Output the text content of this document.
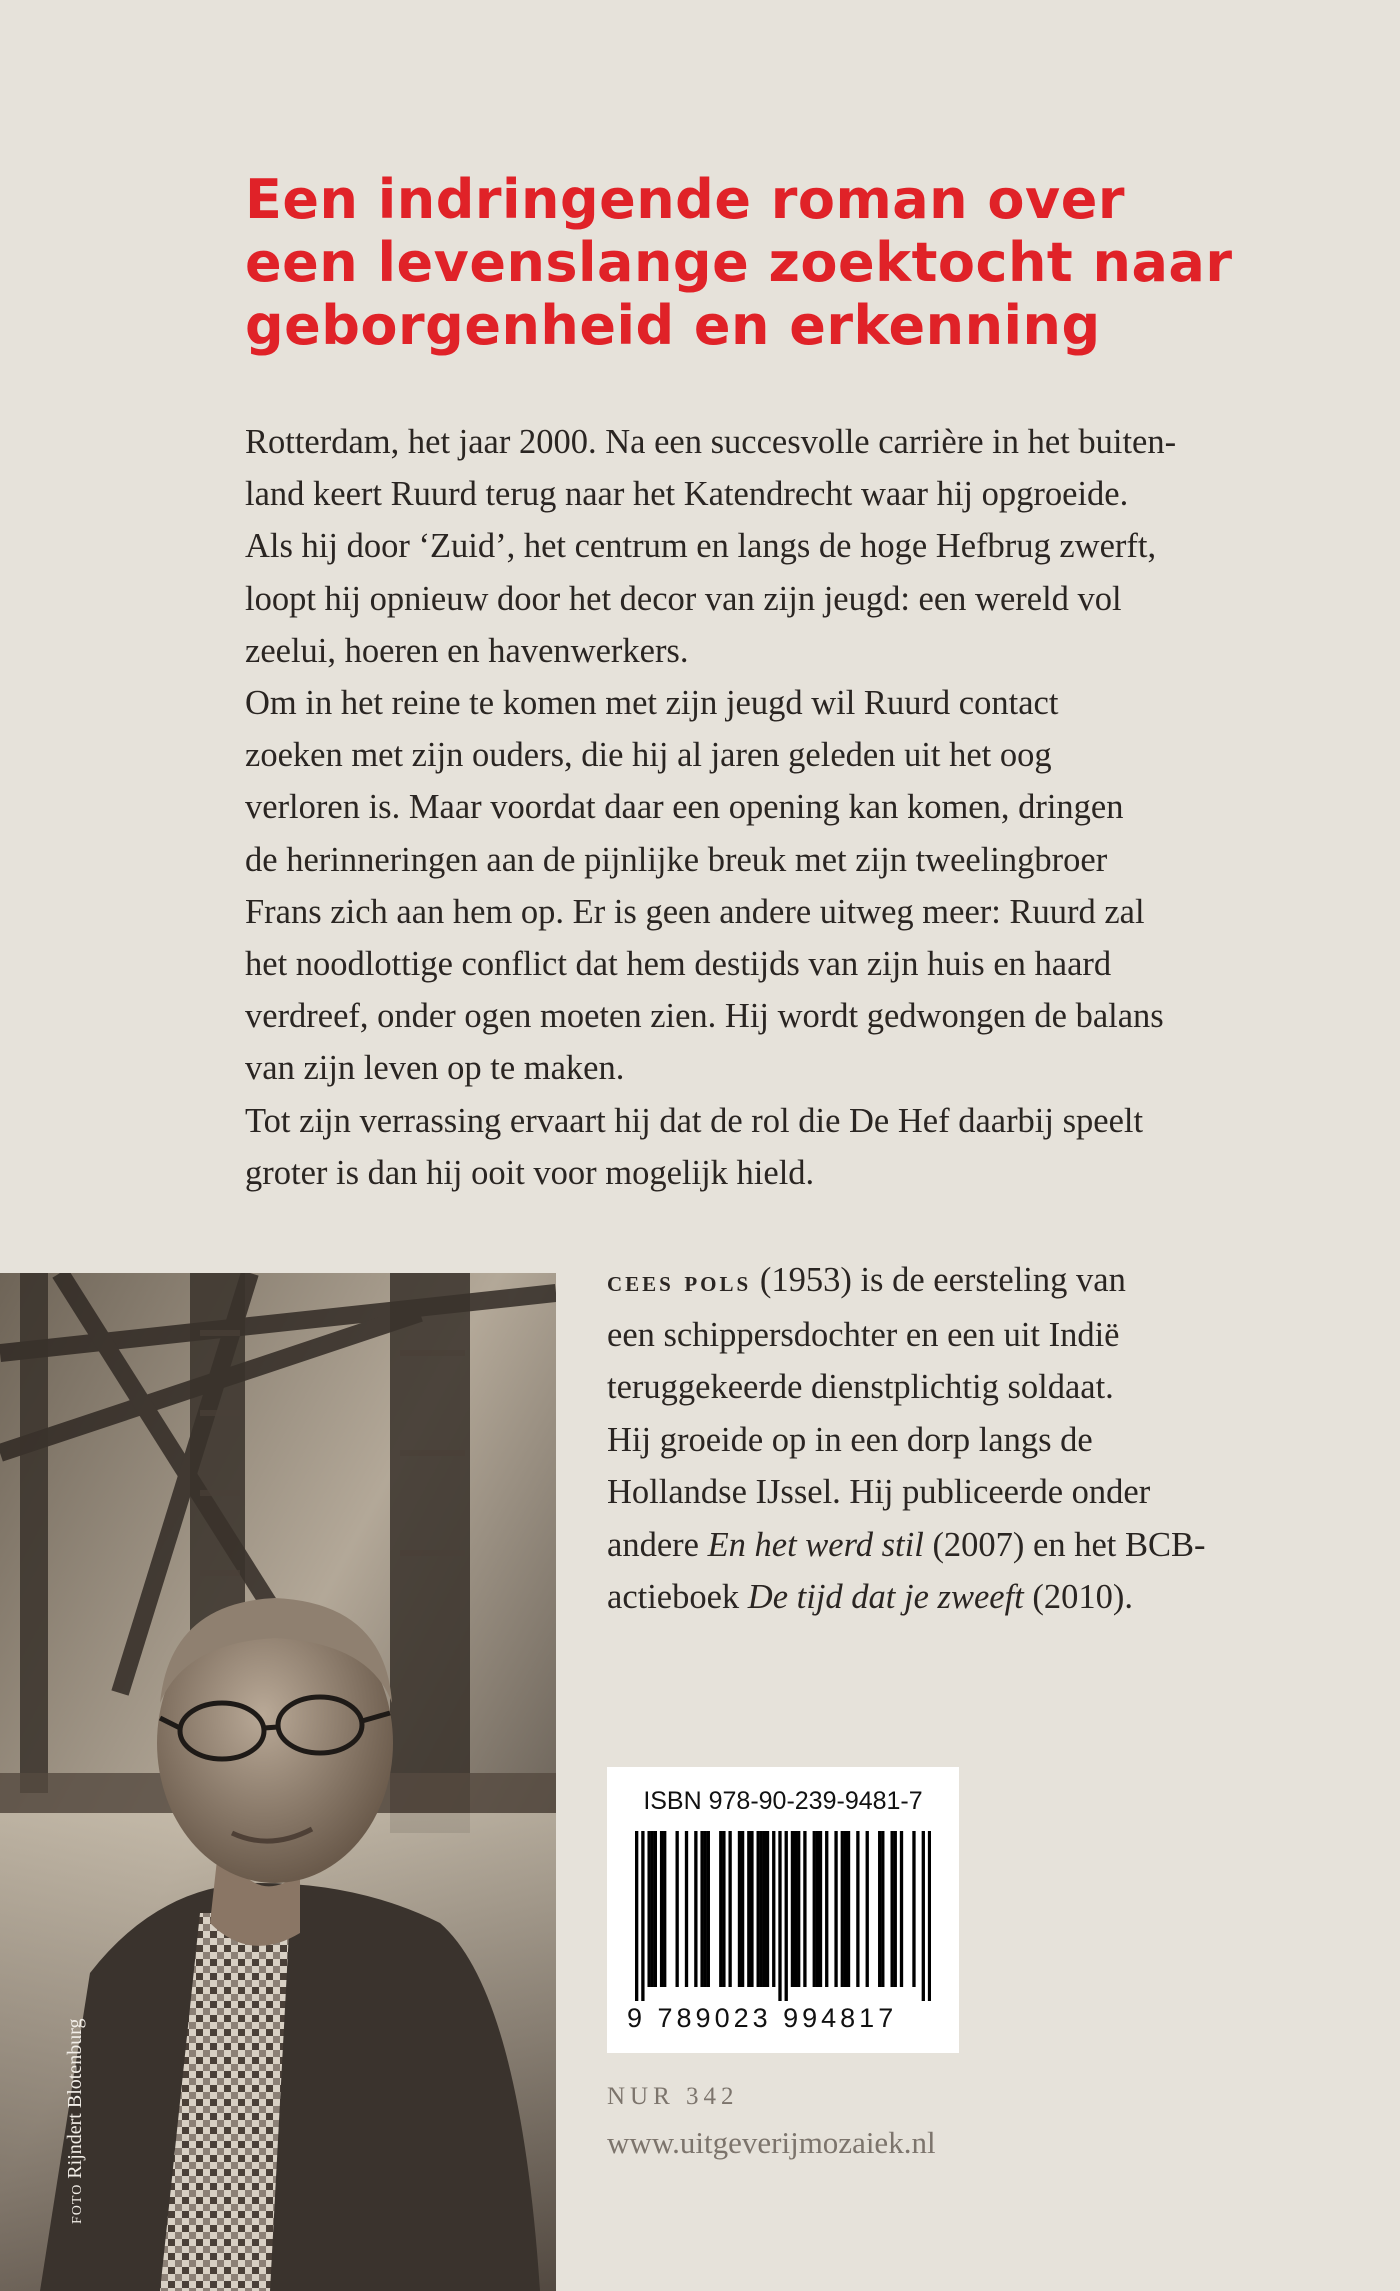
Een indringende roman over
een levenslange zoektocht naar
geborgenheid en erkenning
Rotterdam, het jaar 2000. Na een succesvolle carrière in het buiten-
land keert Ruurd terug naar het Katendrecht waar hij opgroeide.
Als hij door ‘Zuid’, het centrum en langs de hoge Hefbrug zwerft,
loopt hij opnieuw door het decor van zijn jeugd: een wereld vol
zeelui, hoeren en havenwerkers.
Om in het reine te komen met zijn jeugd wil Ruurd contact
zoeken met zijn ouders, die hij al jaren geleden uit het oog
verloren is. Maar voordat daar een opening kan komen, dringen
de herinneringen aan de pijnlijke breuk met zijn tweelingbroer
Frans zich aan hem op. Er is geen andere uitweg meer: Ruurd zal
het noodlottige conflict dat hem destijds van zijn huis en haard
verdreef, onder ogen moeten zien. Hij wordt gedwongen de balans
van zijn leven op te maken.
Tot zijn verrassing ervaart hij dat de rol die De Hef daarbij speelt
groter is dan hij ooit voor mogelijk hield.
foto Rijndert Blotenburg
cees pols (1953) is de eersteling van
een schippersdochter en een uit Indië
teruggekeerde dienstplichtig soldaat.
Hij groeide op in een dorp langs de
Hollandse IJssel. Hij publiceerde onder
andere En het werd stil (2007) en het BCB-
actieboek De tijd dat je zweeft (2010).
ISBN 978-90-239-9481-7
9 789023 994817
NUR 342
www.uitgeverijmozaiek.nl
